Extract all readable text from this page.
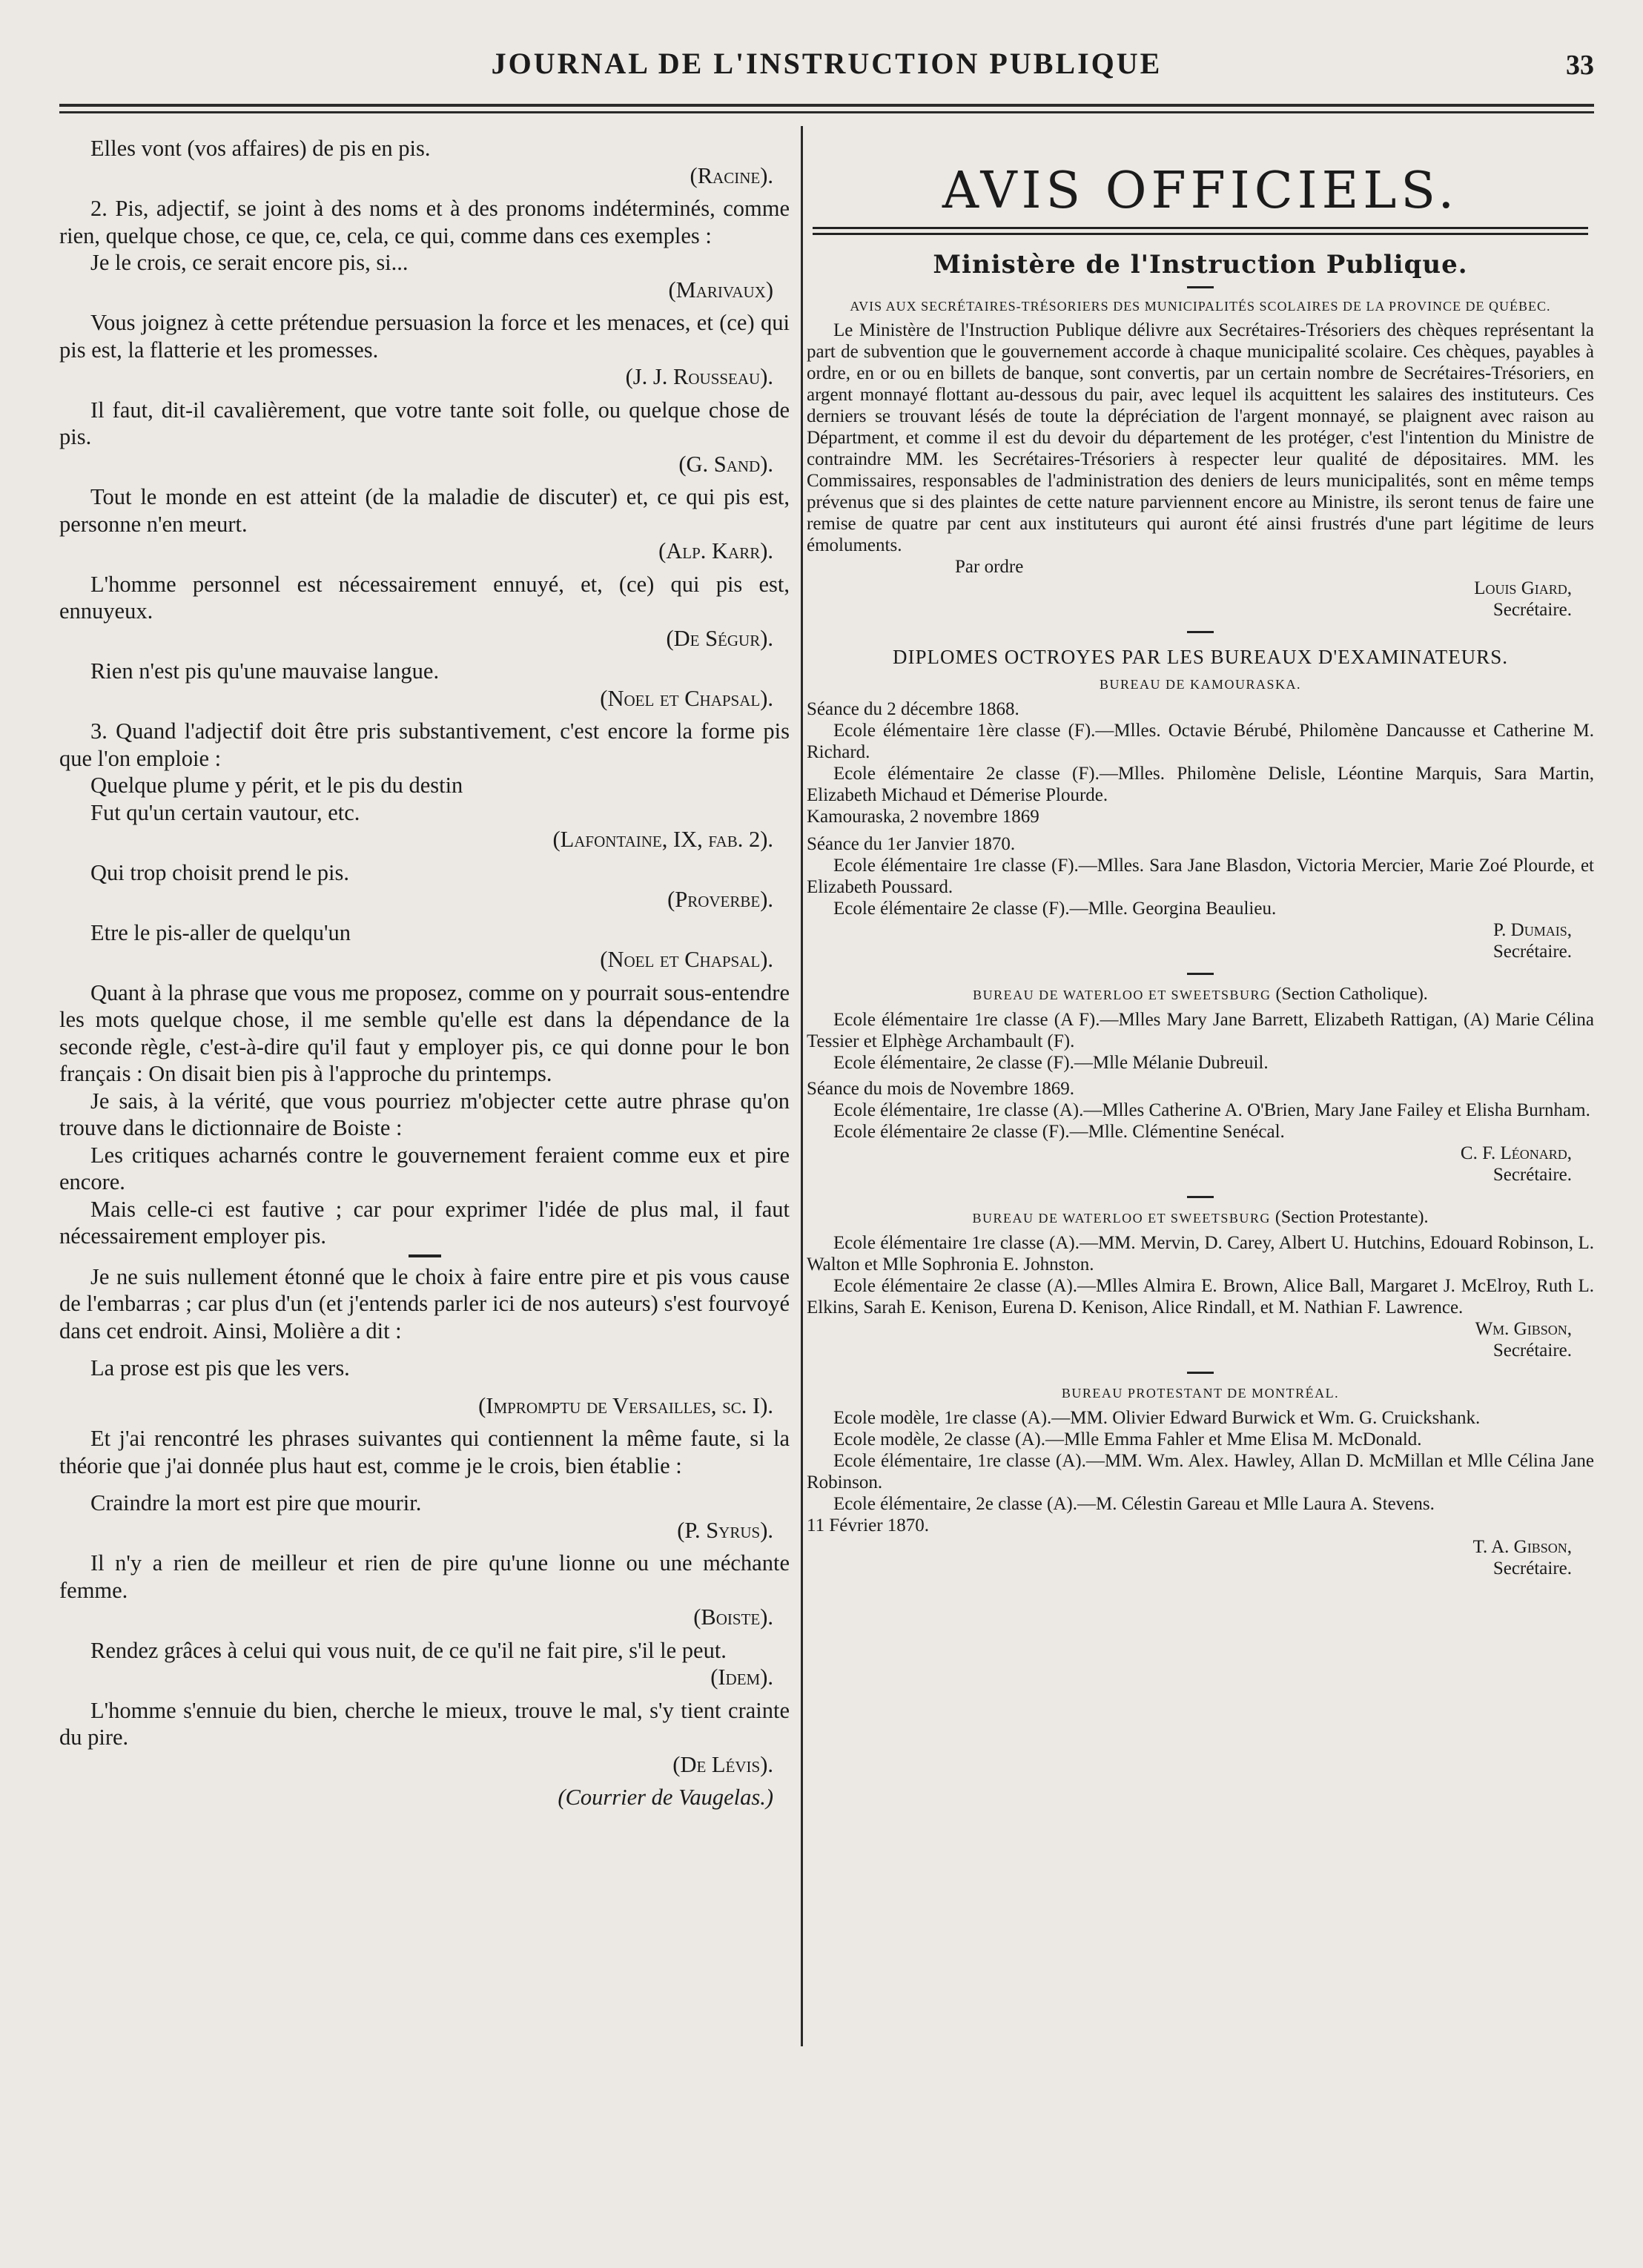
JOURNAL DE L'INSTRUCTION PUBLIQUE	33

Elles vont (vos affaires) de pis en pis.

(Racine).

2. Pis, adjectif, se joint à des noms et à des pronoms indéterminés, comme rien, quelque chose, ce que, ce, cela, ce qui, comme dans ces exemples :

Je le crois, ce serait encore pis, si...

(Marivaux)

Vous joignez à cette prétendue persuasion la force et les menaces, et (ce) qui pis est, la flatterie et les promesses.

(J. J. Rousseau).

Il faut, dit-il cavalièrement, que votre tante soit folle, ou quelque chose de pis.

(G. Sand).

Tout le monde en est atteint (de la maladie de discuter) et, ce qui pis est, personne n'en meurt.

(Alp. Karr).

L'homme personnel est nécessairement ennuyé, et, (ce) qui pis est, ennuyeux.

(De Ségur).

Rien n'est pis qu'une mauvaise langue.

(Noel et Chapsal).

3. Quand l'adjectif doit être pris substantivement, c'est encore la forme pis que l'on emploie :

Quelque plume y périt, et le pis du destin

Fut qu'un certain vautour, etc.

(Lafontaine, IX, fab. 2).

Qui trop choisit prend le pis.

(Proverbe).

Etre le pis-aller de quelqu'un

(Noel et Chapsal).

Quant à la phrase que vous me proposez, comme on y pourrait sous-entendre les mots quelque chose, il me semble qu'elle est dans la dépendance de la seconde règle, c'est-à-dire qu'il faut y employer pis, ce qui donne pour le bon français : On disait bien pis à l'approche du printemps.

Je sais, à la vérité, que vous pourriez m'objecter cette autre phrase qu'on trouve dans le dictionnaire de Boiste :

Les critiques acharnés contre le gouvernement feraient comme eux et pire encore.

Mais celle-ci est fautive ; car pour exprimer l'idée de plus mal, il faut nécessairement employer pis.

Je ne suis nullement étonné que le choix à faire entre pire et pis vous cause de l'embarras ; car plus d'un (et j'entends parler ici de nos auteurs) s'est fourvoyé dans cet endroit. Ainsi, Molière a dit :

La prose est pis que les vers.

(Impromptu de Versailles, sc. I).

Et j'ai rencontré les phrases suivantes qui contiennent la même faute, si la théorie que j'ai donnée plus haut est, comme je le crois, bien établie :

Craindre la mort est pire que mourir.

(P. Syrus).

Il n'y a rien de meilleur et rien de pire qu'une lionne ou une méchante femme.

(Boiste).

Rendez grâces à celui qui vous nuit, de ce qu'il ne fait pire, s'il le peut.

(Idem).

L'homme s'ennuie du bien, cherche le mieux, trouve le mal, s'y tient crainte du pire.

(De Lévis).

(Courrier de Vaugelas.)

AVIS OFFICIELS.
Ministère de l'Instruction Publique.
AVIS AUX SECRÉTAIRES-TRÉSORIERS DES MUNICIPALITÉS SCOLAIRES DE LA PROVINCE DE QUÉBEC.

Le Ministère de l'Instruction Publique délivre aux Secrétaires-Trésoriers des chèques représentant la part de subvention que le gouvernement accorde à chaque municipalité scolaire. Ces chèques, payables à ordre, en or ou en billets de banque, sont convertis, par un certain nombre de Secrétaires-Trésoriers, en argent monnayé flottant au-dessous du pair, avec lequel ils acquittent les salaires des instituteurs. Ces derniers se trouvant lésés de toute la dépréciation de l'argent monnayé, se plaignent avec raison au Départment, et comme il est du devoir du département de les protéger, c'est l'intention du Ministre de contraindre MM. les Secrétaires-Trésoriers à respecter leur qualité de dépositaires. MM. les Commissaires, responsables de l'administration des deniers de leurs municipalités, sont en même temps prévenus que si des plaintes de cette nature parviennent encore au Ministre, ils seront tenus de faire une remise de quatre par cent aux instituteurs qui auront été ainsi frustrés d'une part légitime de leurs émoluments.

Par ordre

Louis Giard,
Secrétaire.
DIPLOMES OCTROYES PAR LES BUREAUX D'EXAMINATEURS.
BUREAU DE KAMOURASKA.

Séance du 2 décembre 1868.

Ecole élémentaire 1ère classe (F).—Mlles. Octavie Bérubé, Philomène Dancausse et Catherine M. Richard.

Ecole élémentaire 2e classe (F).—Mlles. Philomène Delisle, Léontine Marquis, Sara Martin, Elizabeth Michaud et Démerise Plourde.

Kamouraska, 2 novembre 1869

Séance du 1er Janvier 1870.

Ecole élémentaire 1re classe (F).—Mlles. Sara Jane Blasdon, Victoria Mercier, Marie Zoé Plourde, et Elizabeth Poussard.

Ecole élémentaire 2e classe (F).—Mlle. Georgina Beaulieu.

P. Dumais,
Secrétaire.
BUREAU DE WATERLOO ET SWEETSBURG (Section Catholique).

Ecole élémentaire 1re classe (A F).—Mlles Mary Jane Barrett, Elizabeth Rattigan, (A) Marie Célina Tessier et Elphège Archambault (F).

Ecole élémentaire, 2e classe (F).—Mlle Mélanie Dubreuil.

Séance du mois de Novembre 1869.

Ecole élémentaire, 1re classe (A).—Mlles Catherine A. O'Brien, Mary Jane Failey et Elisha Burnham.

Ecole élémentaire 2e classe (F).—Mlle. Clémentine Senécal.

C. F. Léonard,
Secrétaire.
BUREAU DE WATERLOO ET SWEETSBURG (Section Protestante).

Ecole élémentaire 1re classe (A).—MM. Mervin, D. Carey, Albert U. Hutchins, Edouard Robinson, L. Walton et Mlle Sophronia E. Johnston.

Ecole élémentaire 2e classe (A).—Mlles Almira E. Brown, Alice Ball, Margaret J. McElroy, Ruth L. Elkins, Sarah E. Kenison, Eurena D. Kenison, Alice Rindall, et M. Nathian F. Lawrence.

Wm. Gibson,
Secrétaire.
BUREAU PROTESTANT DE MONTRÉAL.

Ecole modèle, 1re classe (A).—MM. Olivier Edward Burwick et Wm. G. Cruickshank.

Ecole modèle, 2e classe (A).—Mlle Emma Fahler et Mme Elisa M. McDonald.

Ecole élémentaire, 1re classe (A).—MM. Wm. Alex. Hawley, Allan D. McMillan et Mlle Célina Jane Robinson.

Ecole élémentaire, 2e classe (A).—M. Célestin Gareau et Mlle Laura A. Stevens.

11 Février 1870.

T. A. Gibson,
Secrétaire.
